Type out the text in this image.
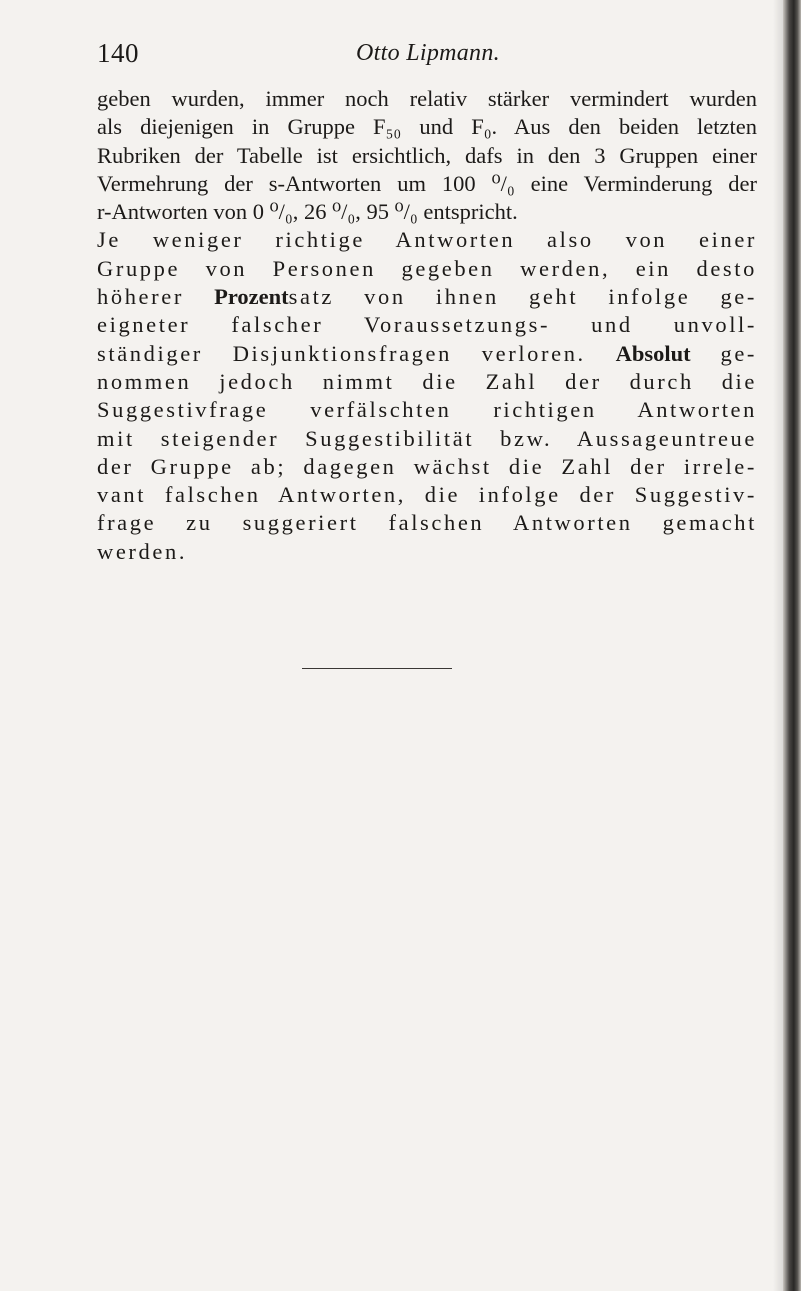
140	Otto Lipmann.
geben wurden, immer noch relativ stärker vermindert wurden
als diejenigen in Gruppe F₅₀ und F₀. Aus den beiden letzten
Rubriken der Tabelle ist ersichtlich, dafs in den 3 Gruppen einer
Vermehrung der s-Antworten um 100 ⁰/₀ eine Verminderung der
r-Antworten von 0 ⁰/₀, 26 ⁰/₀, 95 ⁰/₀ entspricht.
Je weniger richtige Antworten also von einer
Gruppe von Personen gegeben werden, ein desto
höherer Prozentsatz von ihnen geht infolge ge-
eigneter falscher Voraussetzungs- und unvoll-
ständiger Disjunktionsfragen verloren. Absolut ge-
nommen jedoch nimmt die Zahl der durch die
Suggestivfrage verfälschten richtigen Antworten
mit steigender Suggestibilität bzw. Aussageuntreue
der Gruppe ab; dagegen wächst die Zahl der irrele-
vant falschen Antworten, die infolge der Suggestiv-
frage zu suggeriert falschen Antworten gemacht
werden.
